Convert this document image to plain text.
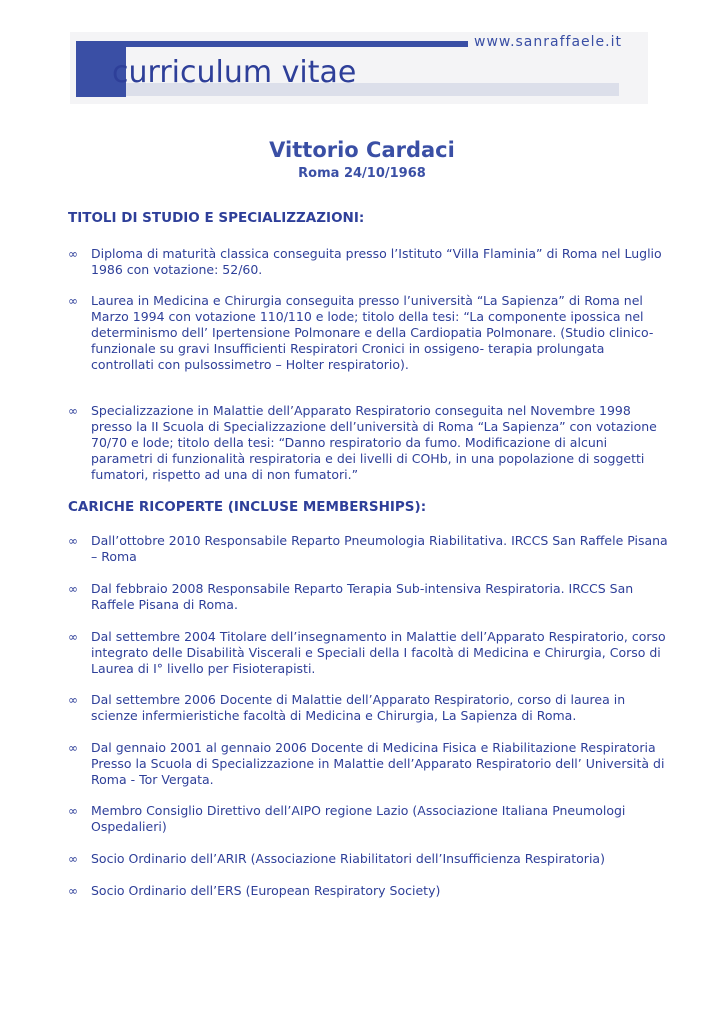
www.sanraffaele.it
curriculum vitae
Vittorio Cardaci
Roma 24/10/1968
TITOLI DI STUDIO E SPECIALIZZAZIONI:
∞ Diploma di maturità classica conseguita presso l’Istituto “Villa Flaminia” di Roma nel Luglio 1986 con votazione: 52/60.
∞ Laurea in Medicina e Chirurgia conseguita presso l’università “La Sapienza” di Roma nel Marzo 1994 con votazione 110/110 e lode; titolo della tesi: “La componente ipossica nel determinismo dell’ Ipertensione Polmonare e della Cardiopatia Polmonare. (Studio clinico-funzionale su gravi Insufficienti Respiratori Cronici in ossigeno- terapia prolungata controllati con pulsossimetro – Holter respiratorio).
∞ Specializzazione in Malattie dell’Apparato Respiratorio conseguita nel Novembre 1998 presso la II Scuola di Specializzazione dell’università di Roma “La Sapienza” con votazione 70/70 e lode; titolo della tesi: “Danno respiratorio da fumo. Modificazione di alcuni parametri di funzionalità respiratoria e dei livelli di COHb, in una popolazione di soggetti fumatori, rispetto ad una di non fumatori.”
CARICHE RICOPERTE (INCLUSE MEMBERSHIPS):
∞ Dall’ottobre 2010 Responsabile Reparto Pneumologia Riabilitativa. IRCCS San Raffele Pisana – Roma
∞ Dal febbraio 2008 Responsabile Reparto Terapia Sub-intensiva Respiratoria. IRCCS San Raffele Pisana di Roma.
∞ Dal settembre 2004 Titolare dell’insegnamento in Malattie dell’Apparato Respiratorio, corso integrato delle Disabilità Viscerali e Speciali della I facoltà di Medicina e Chirurgia, Corso di Laurea di I° livello per Fisioterapisti.
∞ Dal settembre 2006 Docente di Malattie dell’Apparato Respiratorio, corso di laurea in scienze infermieristiche facoltà di Medicina e Chirurgia, La Sapienza di Roma.
∞ Dal gennaio 2001 al gennaio 2006 Docente di Medicina Fisica e Riabilitazione Respiratoria Presso la Scuola di Specializzazione in Malattie dell’Apparato Respiratorio dell’ Università di Roma - Tor Vergata.
∞ Membro Consiglio Direttivo dell’AIPO regione Lazio (Associazione Italiana Pneumologi Ospedalieri)
∞ Socio Ordinario dell’ARIR (Associazione Riabilitatori dell’Insufficienza Respiratoria)
∞ Socio Ordinario dell’ERS (European Respiratory Society)
